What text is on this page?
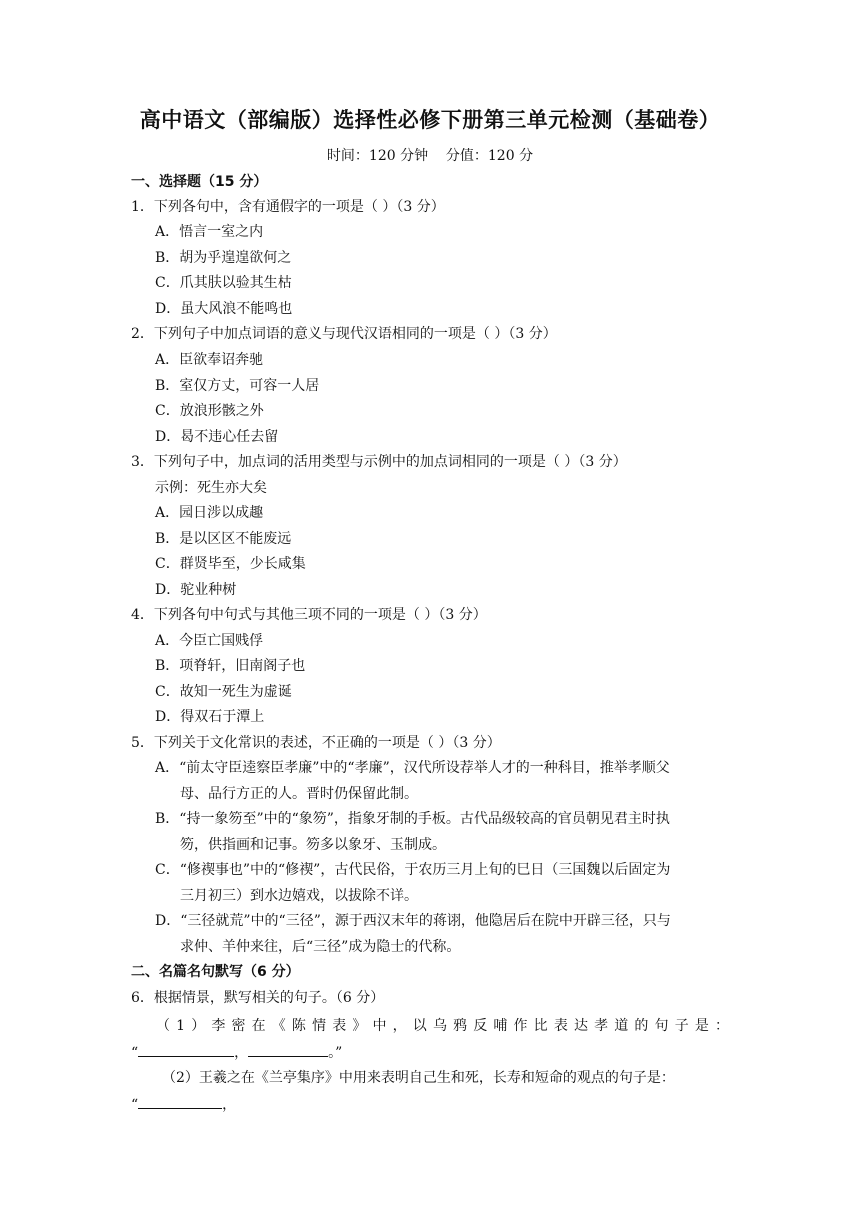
高中语文（部编版）选择性必修下册第三单元检测（基础卷）
时间：120 分钟    分值：120 分
一、选择题（15 分）
1．下列各句中，含有通假字的一项是（ ）（3 分）
A．悟言一室之内
B．胡为乎遑遑欲何之
C．爪其肤以验其生枯
D．虽大风浪不能鸣也
2．下列句子中加点词语的意义与现代汉语相同的一项是（ ）（3 分）
A．臣欲奉诏奔驰
B．室仅方丈，可容一人居
C．放浪形骸之外
D．曷不违心任去留
3．下列句子中，加点词的活用类型与示例中的加点词相同的一项是（ ）（3 分）
示例：死生亦大矣
A．园日涉以成趣
B．是以区区不能废远
C．群贤毕至，少长咸集
D．驼业种树
4．下列各句中句式与其他三项不同的一项是（ ）（3 分）
A．今臣亡国贱俘
B．项脊轩，旧南阁子也
C．故知一死生为虚诞
D．得双石于潭上
5．下列关于文化常识的表述，不正确的一项是（ ）（3 分）
A．“前太守臣逵察臣孝廉”中的“孝廉”，汉代所设荐举人才的一种科目，推举孝顺父
母、品行方正的人。晋时仍保留此制。
B．“持一象笏至”中的“象笏”，指象牙制的手板。古代品级较高的官员朝见君主时执
笏，供指画和记事。笏多以象牙、玉制成。
C．“修禊事也”中的“修禊”，古代民俗，于农历三月上旬的巳日（三国魏以后固定为
三月初三）到水边嬉戏，以拔除不详。
D．“三径就荒”中的“三径”，源于西汉末年的蒋诩，他隐居后在院中开辟三径，只与
求仲、羊仲来往，后“三径”成为隐士的代称。
二、名篇名句默写（6 分）
6．根据情景，默写相关的句子。（6 分）
（1）李密在《陈情表》中，以乌鸦反哺作比表达孝道的句子是：
“	，	。”
（2）王羲之在《兰亭集序》中用来表明自己生和死，长寿和短命的观点的句子是：
“	，
